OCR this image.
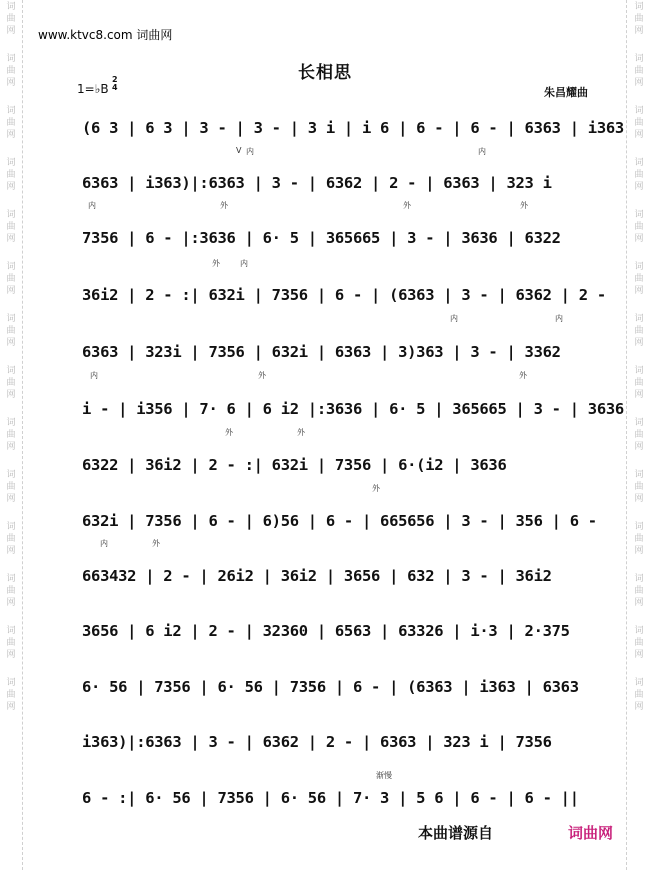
词
曲
网
词
曲
网
词
曲
网
词
曲
网
词
曲
网
词
曲
网
词
曲
网
词
曲
网
词
曲
网
词
曲
网
词
曲
网
词
曲
网
词
曲
网
词
曲
网
词
曲
网
词
曲
网
词
曲
网
词
曲
网
词
曲
网
词
曲
网
词
曲
网
词
曲
网
词
曲
网
词
曲
网
词
曲
网
词
曲
网
词
曲
网
词
曲
网
www.ktvc8.com 词曲网
长相思
1=♭B
2
4	朱昌耀曲
(6 3 | 6 3 | 3 - | 3 - | 3 i | i 6 | 6 - | 6 - | 6363 | i363
6363 | i363)|:6363 | 3 - | 6362 | 2 - | 6363 | 323 i
7356 | 6 - |:3636 | 6· 5 | 365665 | 3 - | 3636 | 6322
36i2 | 2 - :| 632i | 7356 | 6 - | (6363 | 3 - | 6362 | 2 -
6363 | 323i | 7356 | 632i | 6363 | 3)363 | 3 - | 3362
i - | i356 | 7· 6 | 6 i2 |:3636 | 6· 5 | 365665 | 3 - | 3636
6322 | 36i2 | 2 - :| 632i | 7356 | 6·(i2 | 3636
632i | 7356 | 6 - | 6)56 | 6 - | 665656 | 3 - | 356 | 6 -
663432 | 2 - | 26i2 | 36i2 | 3656 | 632 | 3 - | 36i2
3656 | 6 i2 | 2 - | 32360 | 6563 | 63326 | i·3 | 2·375
6· 56 | 7356 | 6· 56 | 7356 | 6 - | (6363 | i363 | 6363
i363)|:6363 | 3 - | 6362 | 2 - | 6363 | 323 i | 7356
6 - :| 6· 56 | 7356 | 6· 56 | 7· 3 | 5 6 | 6 - | 6 - ||
V 内	内
外	外
内	外
外	内
内	内
内	外	外
外	外
外
内	外
渐慢
本曲谱源自	词曲网
